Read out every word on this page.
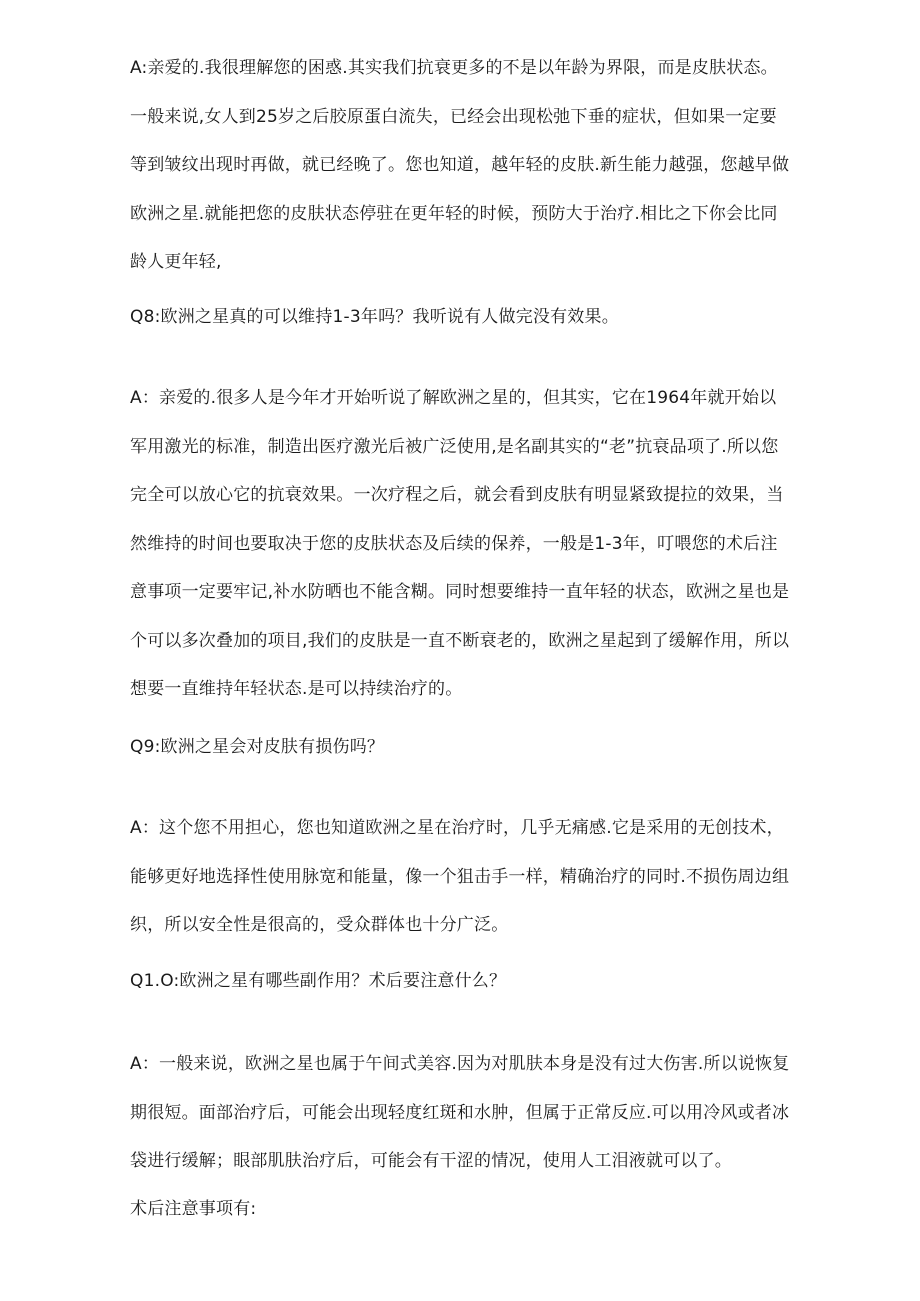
A:亲爱的.我很理解您的困惑.其实我们抗衰更多的不是以年龄为界限，而是皮肤状态。一般来说,女人到25岁之后胶原蛋白流失，已经会出现松弛下垂的症状，但如果一定要等到皱纹出现时再做，就已经晚了。您也知道，越年轻的皮肤.新生能力越强，您越早做欧洲之星.就能把您的皮肤状态停驻在更年轻的时候，预防大于治疗.相比之下你会比同龄人更年轻,

Q8:欧洲之星真的可以维持1-3年吗？我听说有人做完没有效果。

A：亲爱的.很多人是今年才开始听说了解欧洲之星的，但其实，它在1964年就开始以军用激光的标准，制造出医疗激光后被广泛使用,是名副其实的“老”抗衰品项了.所以您完全可以放心它的抗衰效果。一次疗程之后，就会看到皮肤有明显紧致提拉的效果，当然维持的时间也要取决于您的皮肤状态及后续的保养，一般是1-3年，叮喂您的术后注意事项一定要牢记,补水防晒也不能含糊。同时想要维持一直年轻的状态，欧洲之星也是个可以多次叠加的项目,我们的皮肤是一直不断衰老的，欧洲之星起到了缓解作用，所以想要一直维持年轻状态.是可以持续治疗的。

Q9:欧洲之星会对皮肤有损伤吗？

A：这个您不用担心，您也知道欧洲之星在治疗时，几乎无痛感.它是采用的无创技术，能够更好地选择性使用脉宽和能量，像一个狙击手一样，精确治疗的同时.不损伤周边组织，所以安全性是很高的，受众群体也十分广泛。

Q1.O:欧洲之星有哪些副作用？术后要注意什么？

A：一般来说，欧洲之星也属于午间式美容.因为对肌肤本身是没有过大伤害.所以说恢复期很短。面部治疗后，可能会出现轻度红斑和水肿，但属于正常反应.可以用冷风或者冰袋进行缓解；眼部肌肤治疗后，可能会有干涩的情况，使用人工泪液就可以了。

术后注意事项有:
